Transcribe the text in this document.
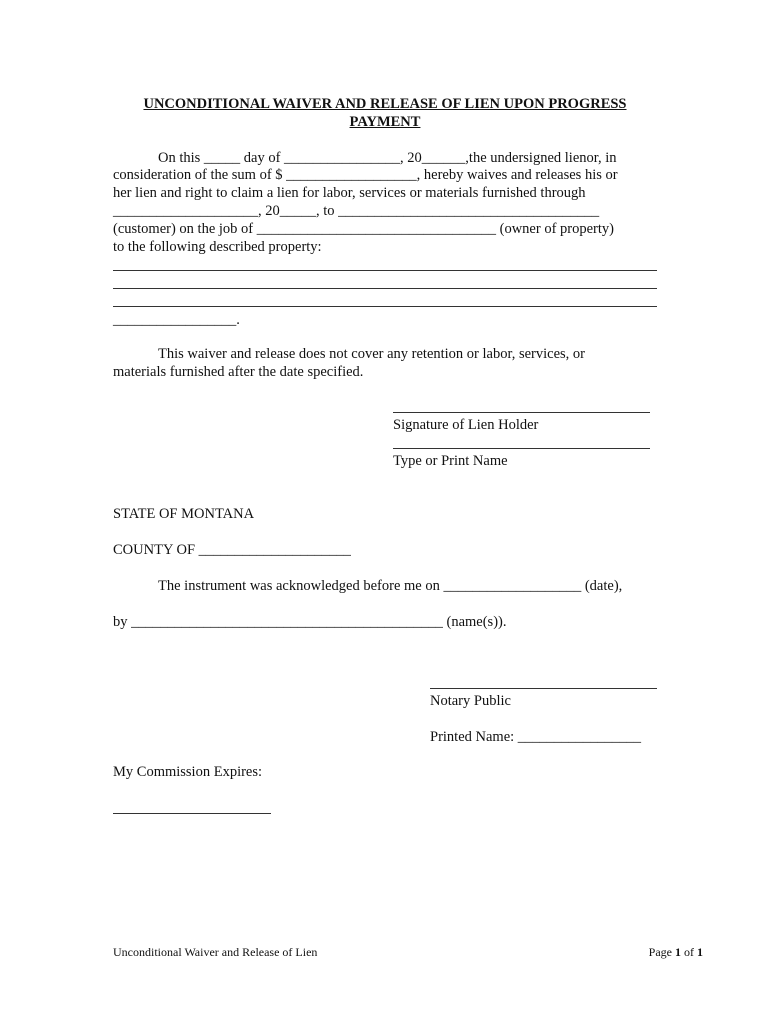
UNCONDITIONAL WAIVER AND RELEASE OF LIEN UPON PROGRESS
PAYMENT
On this _____ day of ________________, 20______,the undersigned lienor, in
consideration of the sum of $ __________________, hereby waives and releases his or
her lien and right to claim a lien for labor, services or materials furnished through
____________________, 20_____, to ____________________________________
(customer) on the job of _________________________________ (owner of property)
to the following described property:
_________________.
This waiver and release does not cover any retention or labor, services, or
materials furnished after the date specified.
Signature of Lien Holder
Type or Print Name
STATE OF MONTANA
COUNTY OF _____________________
The instrument was acknowledged before me on ___________________ (date),
by ___________________________________________ (name(s)).
Notary Public
Printed Name: _________________
My Commission Expires:
Unconditional Waiver and Release of Lien	Page 1 of 1
